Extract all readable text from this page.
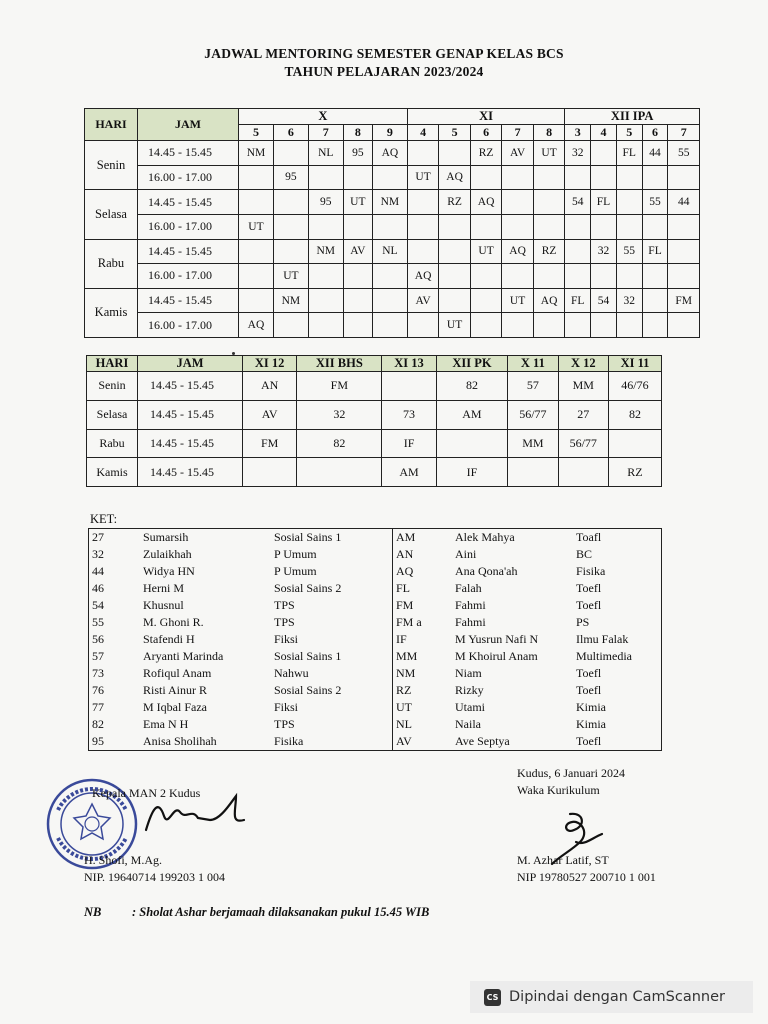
JADWAL MENTORING SEMESTER GENAP KELAS BCS
TAHUN PELAJARAN 2023/2024
HARI	JAM	X					XI					XII IPA				
		5	6	7	8	9	4	5	6	7	8	3	4	5	6	7
Senin	14.45 - 15.45	NM		NL	95	AQ			RZ	AV	UT	32		FL	44	55
	16.00 - 17.00		95				UT	AQ								
Selasa	14.45 - 15.45			95	UT	NM		RZ	AQ			54	FL		55	44
	16.00 - 17.00	UT														
Rabu	14.45 - 15.45			NM	AV	NL			UT	AQ	RZ		32	55	FL	
	16.00 - 17.00		UT				AQ									
Kamis	14.45 - 15.45		NM				AV			UT	AQ	FL	54	32		FM
	16.00 - 17.00	AQ						UT								
HARI	JAM	XI 12	XII BHS	XI 13	XII PK	X 11	X 12	XI 11
Senin	14.45 - 15.45	AN	FM		82	57	MM	46/76
Selasa	14.45 - 15.45	AV	32	73	AM	56/77	27	82
Rabu	14.45 - 15.45	FM	82	IF		MM	56/77	
Kamis	14.45 - 15.45			AM	IF			RZ
KET:
27	Sumarsih	Sosial Sains 1	AM	Alek Mahya	Toafl
32	Zulaikhah	P Umum	AN	Aini	BC
44	Widya HN	P Umum	AQ	Ana Qona'ah	Fisika
46	Herni M	Sosial Sains 2	FL	Falah	Toefl
54	Khusnul	TPS	FM	Fahmi	Toefl
55	M. Ghoni R.	TPS	FM a	Fahmi	PS
56	Stafendi H	Fiksi	IF	M Yusrun Nafi N	Ilmu Falak
57	Aryanti Marinda	Sosial Sains 1	MM	M Khoirul Anam	Multimedia
73	Rofiqul Anam	Nahwu	NM	Niam	Toefl
76	Risti Ainur R	Sosial Sains 2	RZ	Rizky	Toefl
77	M Iqbal Faza	Fiksi	UT	Utami	Kimia
82	Ema N H	TPS	NL	Naila	Kimia
95	Anisa Sholihah	Fisika	AV	Ave Septya	Toefl
Kepala MAN 2 Kudus
H. Shofi, M.Ag.
NIP. 19640714 199203 1 004
Kudus, 6 Januari 2024
Waka Kurikulum
M. Azhar Latif, ST
NIP 19780527 200710 1 001
NB : Sholat Ashar berjamaah dilaksanakan pukul 15.45 WIB
CS Dipindai dengan CamScanner
